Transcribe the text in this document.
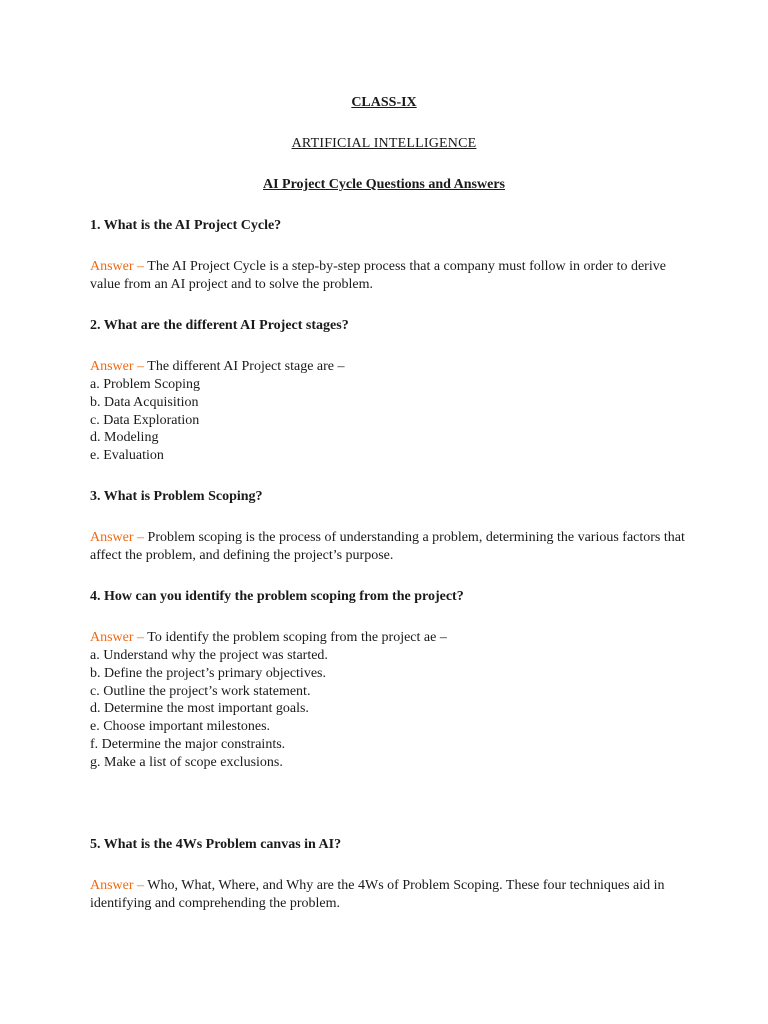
CLASS-IX

ARTIFICIAL INTELLIGENCE

AI Project Cycle Questions and Answers

1. What is the AI Project Cycle?

Answer – The AI Project Cycle is a step-by-step process that a company must follow in order to derive value from an AI project and to solve the problem.

2. What are the different AI Project stages?

Answer – The different AI Project stage are –

a. Problem Scoping
b. Data Acquisition
c. Data Exploration
d. Modeling
e. Evaluation

3. What is Problem Scoping?

Answer – Problem scoping is the process of understanding a problem, determining the various factors that affect the problem, and defining the project’s purpose.

4. How can you identify the problem scoping from the project?

Answer – To identify the problem scoping from the project ae –

a. Understand why the project was started.
b. Define the project’s primary objectives.
c. Outline the project’s work statement.
d. Determine the most important goals.
e. Choose important milestones.
f. Determine the major constraints.
g. Make a list of scope exclusions.

5. What is the 4Ws Problem canvas in AI?

Answer – Who, What, Where, and Why are the 4Ws of Problem Scoping. These four techniques aid in identifying and comprehending the problem.
